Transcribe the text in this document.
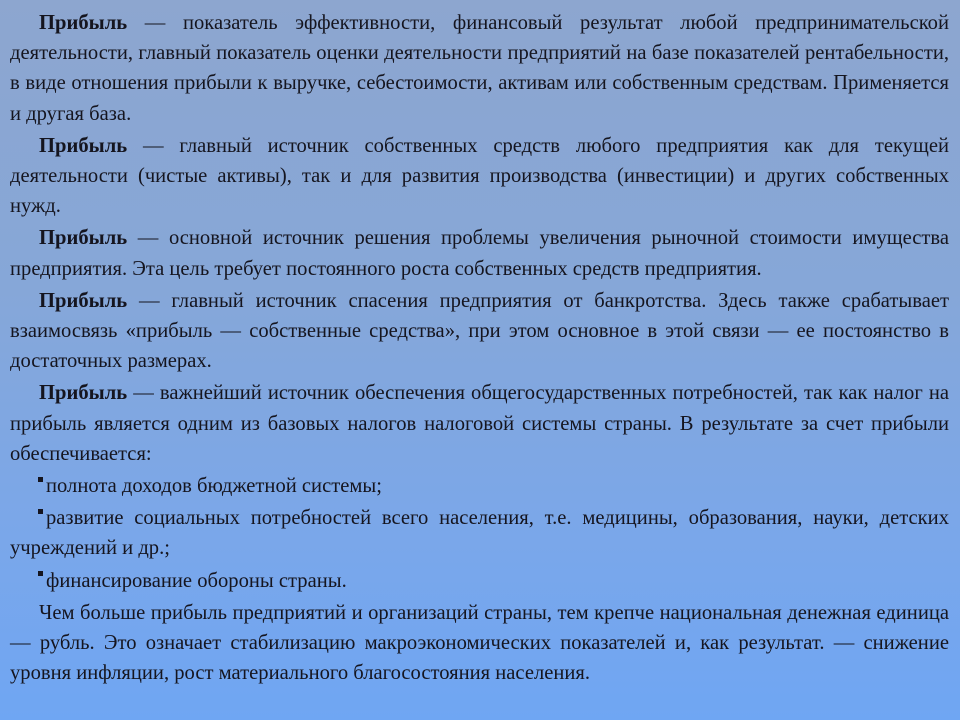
Прибыль — показатель эффективности, финансовый результат любой предпринимательской деятельности, главный показатель оценки деятельности предприятий на базе показателей рентабельности, в виде отношения прибыли к выручке, себестоимости, активам или собственным средствам. Применяется и другая база.

Прибыль — главный источник собственных средств любого предприятия как для текущей деятельности (чистые активы), так и для развития производства (инвестиции) и других собственных нужд.

Прибыль — основной источник решения проблемы увеличения рыночной стоимости имущества предприятия. Эта цель требует постоянного роста собственных средств предприятия.

Прибыль — главный источник спасения предприятия от банкротства. Здесь также срабатывает взаимосвязь «прибыль — собственные средства», при этом основное в этой связи — ее постоянство в достаточных размерах.

Прибыль — важнейший источник обеспечения общегосударственных потребностей, так как налог на прибыль является одним из базовых налогов налоговой системы страны. В результате за счет прибыли обеспечивается:

полнота доходов бюджетной системы;

развитие социальных потребностей всего населения, т.е. медицины, образования, науки, детских учреждений и др.;

финансирование обороны страны.

Чем больше прибыль предприятий и организаций страны, тем крепче национальная денежная единица — рубль. Это означает стабилизацию макроэкономических показателей и, как результат. — снижение уровня инфляции, рост материального благосостояния населения.
